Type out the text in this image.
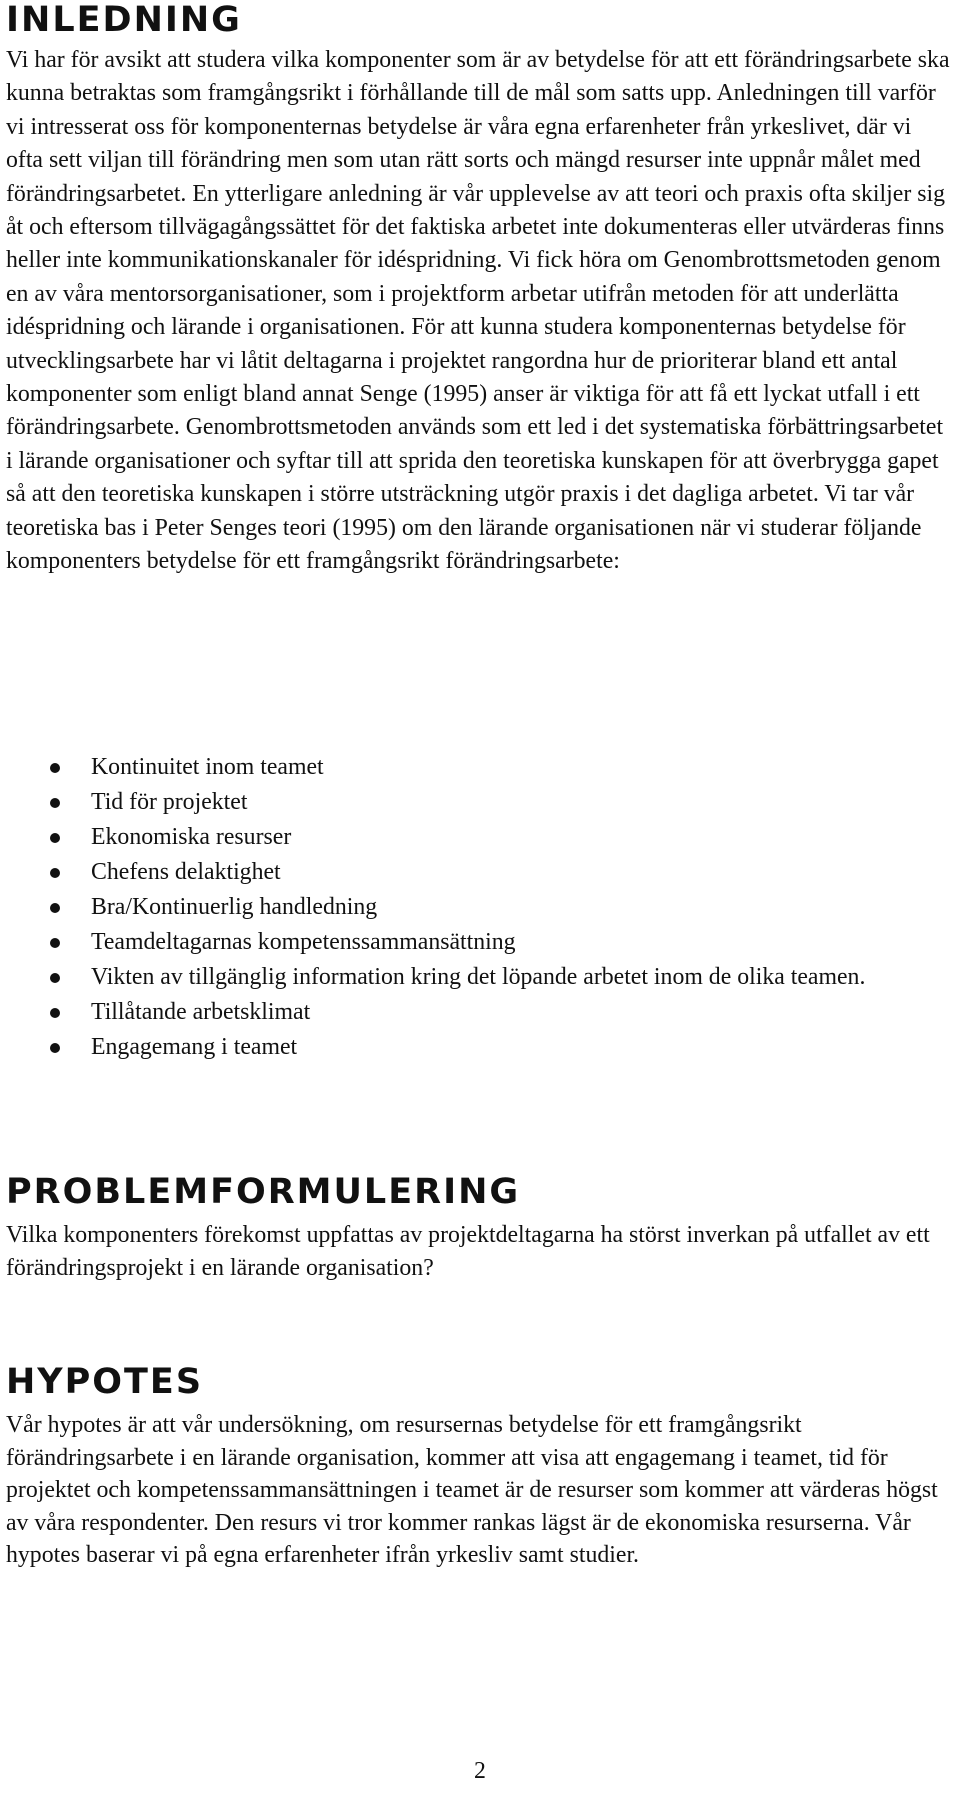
INLEDNING

Vi har för avsikt att studera vilka komponenter som är av betydelse för att ett förändringsarbete ska kunna betraktas som framgångsrikt i förhållande till de mål som satts upp. Anledningen till varför vi intresserat oss för komponenternas betydelse är våra egna erfarenheter från yrkeslivet, där vi ofta sett viljan till förändring men som utan rätt sorts och mängd resurser inte uppnår målet med förändringsarbetet. En ytterligare anledning är vår upplevelse av att teori och praxis ofta skiljer sig åt och eftersom tillvägagångssättet för det faktiska arbetet inte dokumenteras eller utvärderas finns heller inte kommunikationskanaler för idéspridning. Vi fick höra om Genombrottsmetoden genom en av våra mentorsorganisationer, som i projektform arbetar utifrån metoden för att underlätta idéspridning och lärande i organisationen. För att kunna studera komponenternas betydelse för utvecklingsarbete har vi låtit deltagarna i projektet rangordna hur de prioriterar bland ett antal komponenter som enligt bland annat Senge (1995) anser är viktiga för att få ett lyckat utfall i ett förändringsarbete. Genombrottsmetoden används som ett led i det systematiska förbättringsarbetet i lärande organisationer och syftar till att sprida den teoretiska kunskapen för att överbrygga gapet så att den teoretiska kunskapen i större utsträckning utgör praxis i det dagliga arbetet. Vi tar vår teoretiska bas i Peter Senges teori (1995) om den lärande organisationen när vi studerar följande komponenters betydelse för ett framgångsrikt förändringsarbete:

Kontinuitet inom teamet
Tid för projektet
Ekonomiska resurser
Chefens delaktighet
Bra/Kontinuerlig handledning
Teamdeltagarnas kompetenssammansättning
Vikten av tillgänglig information kring det löpande arbetet inom de olika teamen.
Tillåtande arbetsklimat
Engagemang i teamet
PROBLEMFORMULERING

Vilka komponenters förekomst uppfattas av projektdeltagarna ha störst inverkan på utfallet av ett förändringsprojekt i en lärande organisation?

HYPOTES

Vår hypotes är att vår undersökning, om resursernas betydelse för ett framgångsrikt förändringsarbete i en lärande organisation, kommer att visa att engagemang i teamet, tid för projektet och kompetenssammansättningen i teamet är de resurser som kommer att värderas högst av våra respondenter. Den resurs vi tror kommer rankas lägst är de ekonomiska resurserna. Vår hypotes baserar vi på egna erfarenheter ifrån yrkesliv samt studier.

2
